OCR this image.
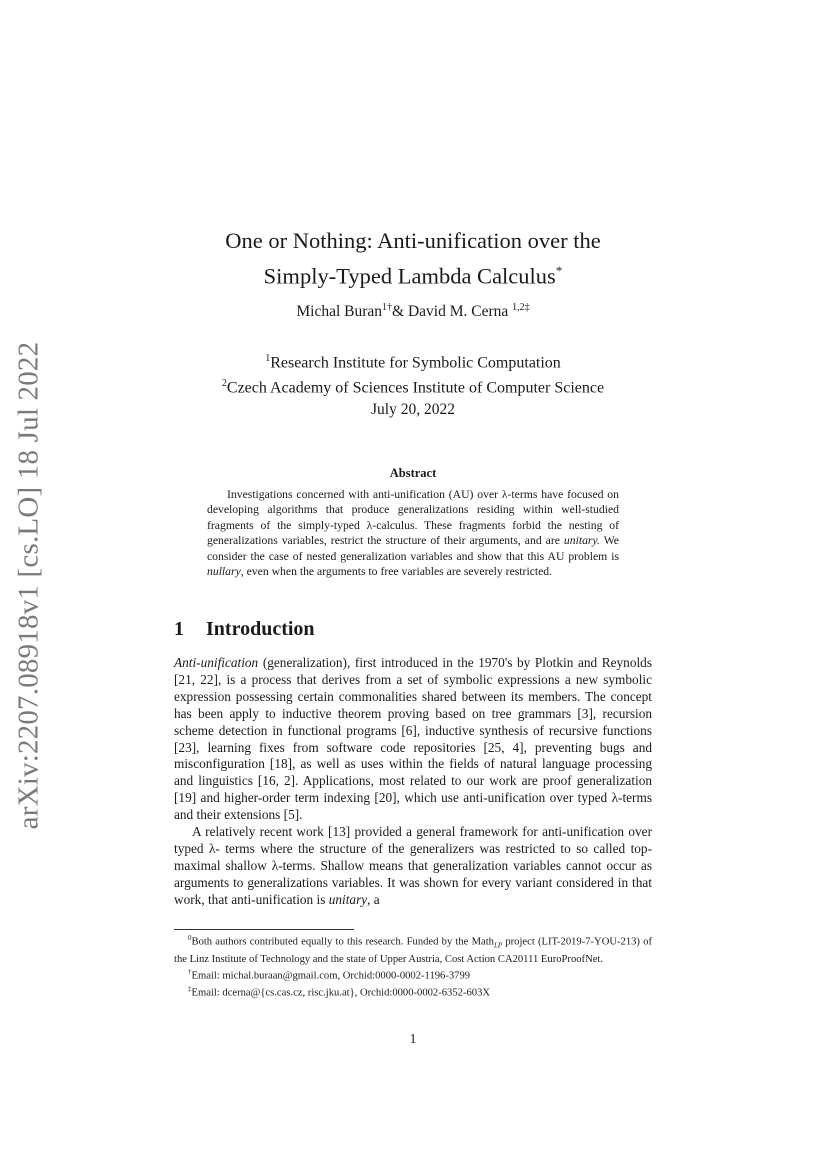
arXiv:2207.08918v1 [cs.LO] 18 Jul 2022
One or Nothing: Anti-unification over the
Simply-Typed Lambda Calculus*
Michal Buran$^{1\dagger}$& David M. Cerna $^{1,2\ddagger}$
$^1$Research Institute for Symbolic Computation
$^2$Czech Academy of Sciences Institute of Computer Science
July 20, 2022
Abstract
Investigations concerned with anti-unification (AU) over λ-terms have focused on developing algorithms that produce generalizations residing within well-studied fragments of the simply-typed λ-calculus. These fragments forbid the nesting of generalizations variables, restrict the structure of their arguments, and are unitary. We consider the case of nested generalization variables and show that this AU problem is nullary, even when the arguments to free variables are severely restricted.
1 Introduction

Anti-unification (generalization), first introduced in the 1970's by Plotkin and Reynolds [21, 22], is a process that derives from a set of symbolic expressions a new symbolic expression possessing certain commonalities shared between its members. The concept has been apply to inductive theorem proving based on tree grammars [3], recursion scheme detection in functional programs [6], inductive synthesis of recursive functions [23], learning fixes from software code repositories [25, 4], preventing bugs and misconfiguration [18], as well as uses within the fields of natural language processing and linguistics [16, 2]. Applications, most related to our work are proof generalization [19] and higher-order term indexing [20], which use anti-unification over typed λ-terms and their extensions [5].

A relatively recent work [13] provided a general framework for anti-unification over typed λ- terms where the structure of the generalizers was restricted to so called top-maximal shallow λ-terms. Shallow means that generalization variables cannot occur as arguments to generalizations variables. It was shown for every variant considered in that work, that anti-unification is unitary, a

$^0$Both authors contributed equally to this research. Funded by the Math$_{LP}$ project (LIT-2019-7-YOU-213) of the Linz Institute of Technology and the state of Upper Austria, Cost Action CA20111 EuroProofNet.

†Email: michal.buraan@gmail.com, Orchid:0000-0002-1196-3799

‡Email: dcerna@{cs.cas.cz, risc.jku.at}, Orchid:0000-0002-6352-603X

1
